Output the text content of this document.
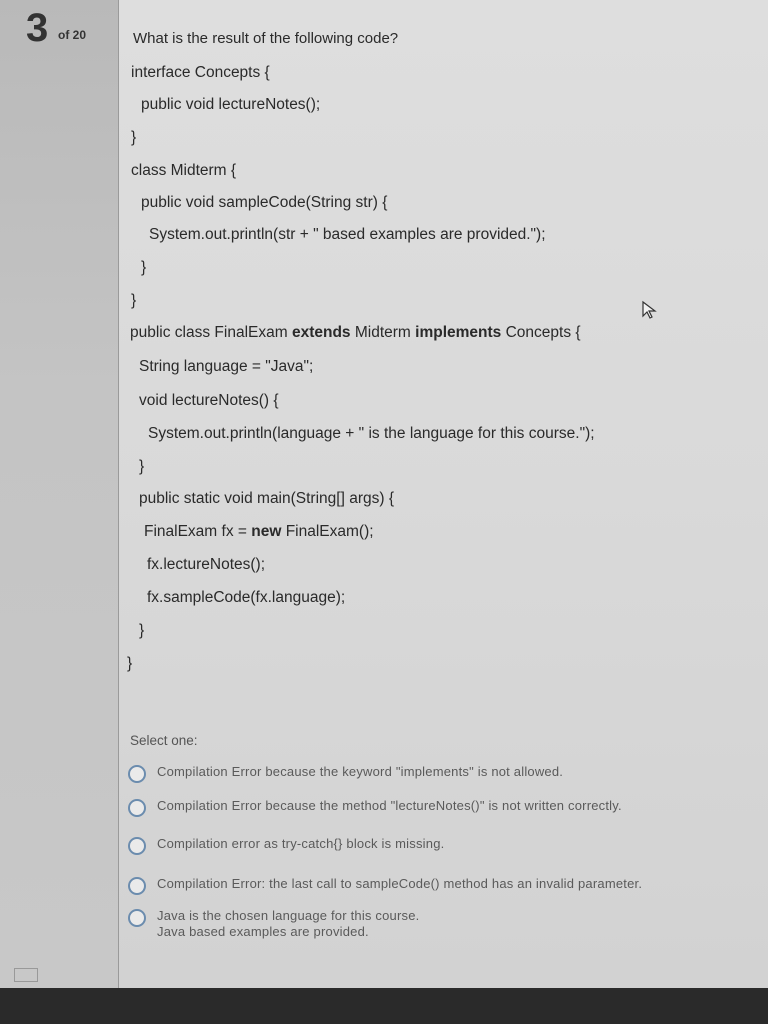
3 of 20	What is the result of the following code?
interface Concepts {
public void lectureNotes();
}
class Midterm {
public void sampleCode(String str) {
System.out.println(str + " based examples are provided.");
}
}
public class FinalExam extends Midterm implements Concepts {
String language = "Java";
void lectureNotes() {
System.out.println(language + " is the language for this course.");
}
public static void main(String[] args) {
FinalExam fx = new FinalExam();
fx.lectureNotes();
fx.sampleCode(fx.language);
}
}
Select one:
Compilation Error because the keyword "implements" is not allowed.
Compilation Error because the method "lectureNotes()" is not written correctly.
Compilation error as try-catch{} block is missing.
Compilation Error: the last call to sampleCode() method has an invalid parameter.
Java is the chosen language for this course.
Java based examples are provided.
